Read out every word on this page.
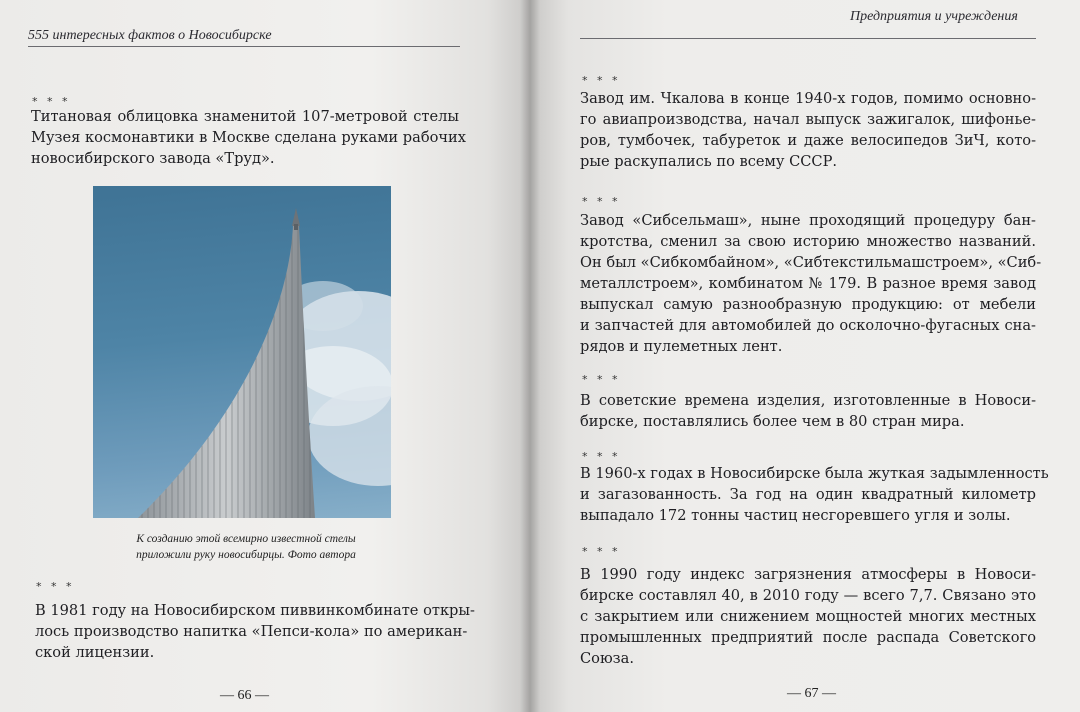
555 интересных фактов о Новосибирске
* * *
Титановая облицовка знаменитой 107-метровой стелы
Музея космонавтики в Москве сделана руками рабочих
новосибирского завода «Труд».
К созданию этой всемирно известной стелы
приложили руку новосибирцы. Фото автора
* * *
В 1981 году на Новосибирском пиввинкомбинате откры-
лось производство напитка «Пепси-кола» по американ-
ской лицензии.
— 66 —
Предприятия и учреждения
* * *
Завод им. Чкалова в конце 1940-х годов, помимо основно-
го авиапроизводства, начал выпуск зажигалок, шифонье-
ров, тумбочек, табуреток и даже велосипедов ЗиЧ, кото-
рые раскупались по всему СССР.
* * *
Завод «Сибсельмаш», ныне проходящий процедуру бан-
кротства, сменил за свою историю множество названий.
Он был «Сибкомбайном», «Сибтекстильмашстроем», «Сиб-
металлстроем», комбинатом № 179. В разное время завод
выпускал самую разнообразную продукцию: от мебели
и запчастей для автомобилей до осколочно-фугасных сна-
рядов и пулеметных лент.
* * *
В советские времена изделия, изготовленные в Новоси-
бирске, поставлялись более чем в 80 стран мира.
* * *
В 1960-х годах в Новосибирске была жуткая задымленность
и загазованность. За год на один квадратный километр
выпадало 172 тонны частиц несгоревшего угля и золы.
* * *
В 1990 году индекс загрязнения атмосферы в Новоси-
бирске составлял 40, в 2010 году — всего 7,7. Связано это
с закрытием или снижением мощностей многих местных
промышленных предприятий после распада Советского
Союза.
— 67 —
